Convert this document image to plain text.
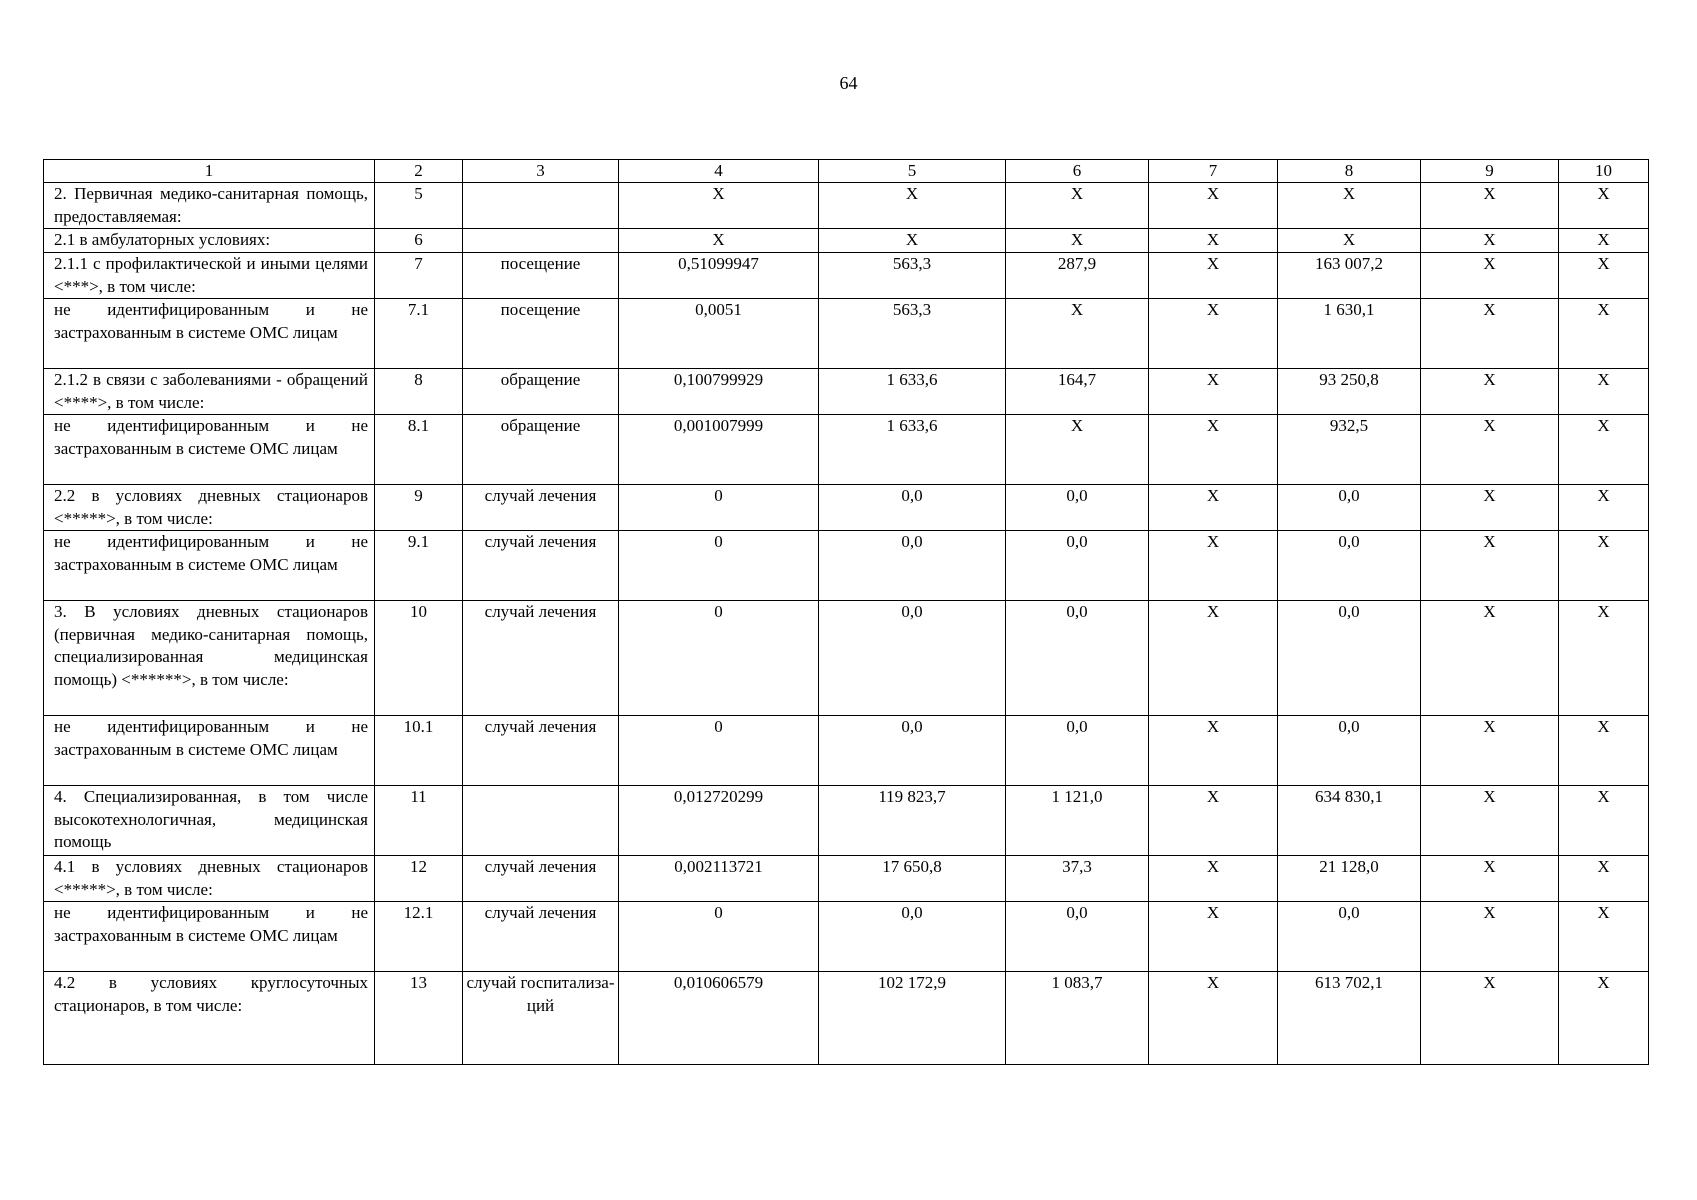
64
1	2	3	4	5	6	7	8	9	10
2. Первичная медико-санитарная помощь, предоставляемая:	5		X	X	X	X	X	X	X
2.1 в амбулаторных условиях:	6		X	X	X	X	X	X	X
2.1.1 с профилактической и иными целями <***>, в том числе:	7	посещение	0,51099947	563,3	287,9	X	163 007,2	X	X
не идентифицированным и не застрахованным в системе ОМС лицам	7.1	посещение	0,0051	563,3	X	X	1 630,1	X	X
2.1.2 в связи с заболеваниями - обращений <****>, в том числе:	8	обращение	0,100799929	1 633,6	164,7	X	93 250,8	X	X
не идентифицированным и не застрахованным в системе ОМС лицам	8.1	обращение	0,001007999	1 633,6	X	X	932,5	X	X
2.2 в условиях дневных стационаров <*****>, в том числе:	9	случай лечения	0	0,0	0,0	X	0,0	X	X
не идентифицированным и не застрахованным в системе ОМС лицам	9.1	случай лечения	0	0,0	0,0	X	0,0	X	X
3. В условиях дневных стационаров (первичная медико-санитарная помощь, специализированная медицинская помощь) <******>, в том числе:	10	случай лечения	0	0,0	0,0	X	0,0	X	X
не идентифицированным и не застрахованным в системе ОМС лицам	10.1	случай лечения	0	0,0	0,0	X	0,0	X	X
4. Специализированная, в том числе высокотехнологичная, медицинская помощь	11		0,012720299	119 823,7	1 121,0	X	634 830,1	X	X
4.1 в условиях дневных стационаров <*****>, в том числе:	12	случай лечения	0,002113721	17 650,8	37,3	X	21 128,0	X	X
не идентифицированным и не застрахованным в системе ОМС лицам	12.1	случай лечения	0	0,0	0,0	X	0,0	X	X
4.2 в условиях круглосуточных стационаров, в том числе:	13	случай госпитализа-ций	0,010606579	102 172,9	1 083,7	X	613 702,1	X	X
